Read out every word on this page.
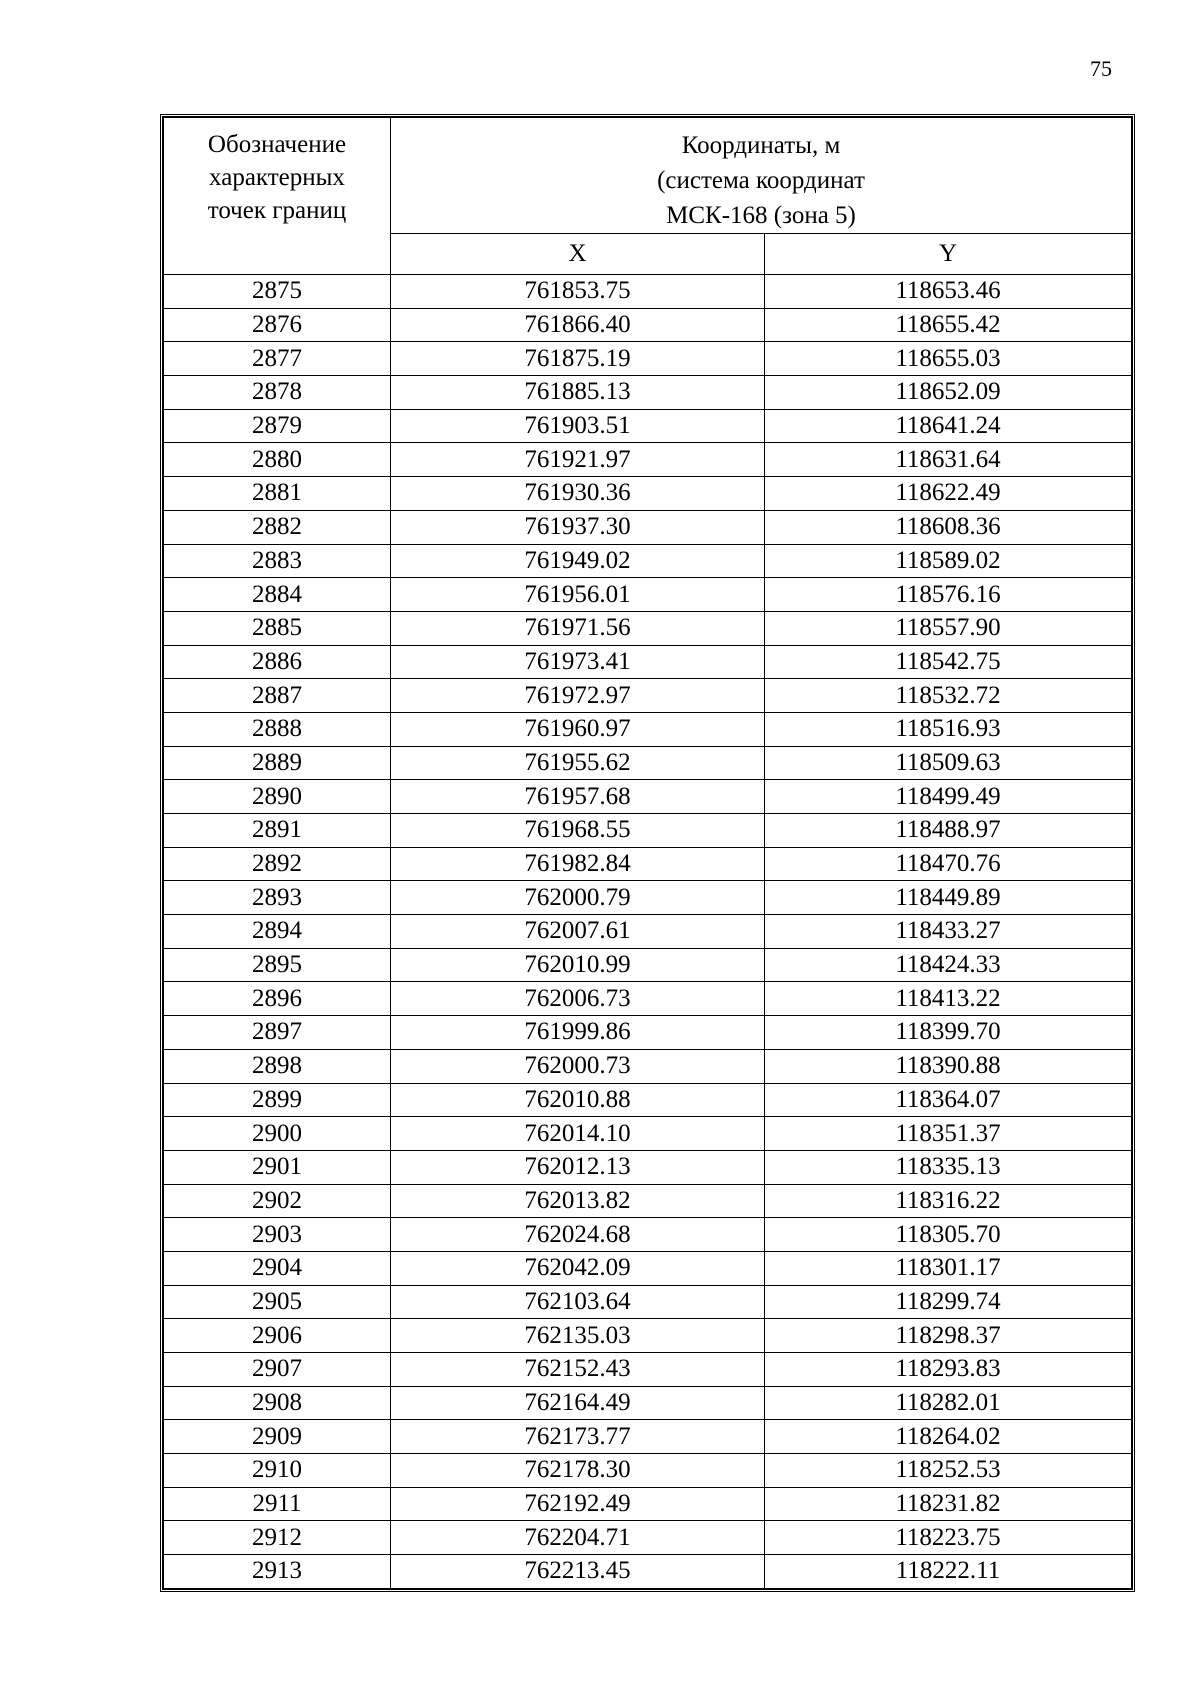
75
Обозначение
характерных
точек границ	Координаты, м
(система координат
МСК-168 (зона 5)	

	X	Y
2875	761853.75	118653.46
2876	761866.40	118655.42
2877	761875.19	118655.03
2878	761885.13	118652.09
2879	761903.51	118641.24
2880	761921.97	118631.64
2881	761930.36	118622.49
2882	761937.30	118608.36
2883	761949.02	118589.02
2884	761956.01	118576.16
2885	761971.56	118557.90
2886	761973.41	118542.75
2887	761972.97	118532.72
2888	761960.97	118516.93
2889	761955.62	118509.63
2890	761957.68	118499.49
2891	761968.55	118488.97
2892	761982.84	118470.76
2893	762000.79	118449.89
2894	762007.61	118433.27
2895	762010.99	118424.33
2896	762006.73	118413.22
2897	761999.86	118399.70
2898	762000.73	118390.88
2899	762010.88	118364.07
2900	762014.10	118351.37
2901	762012.13	118335.13
2902	762013.82	118316.22
2903	762024.68	118305.70
2904	762042.09	118301.17
2905	762103.64	118299.74
2906	762135.03	118298.37
2907	762152.43	118293.83
2908	762164.49	118282.01
2909	762173.77	118264.02
2910	762178.30	118252.53
2911	762192.49	118231.82
2912	762204.71	118223.75
2913	762213.45	118222.11
